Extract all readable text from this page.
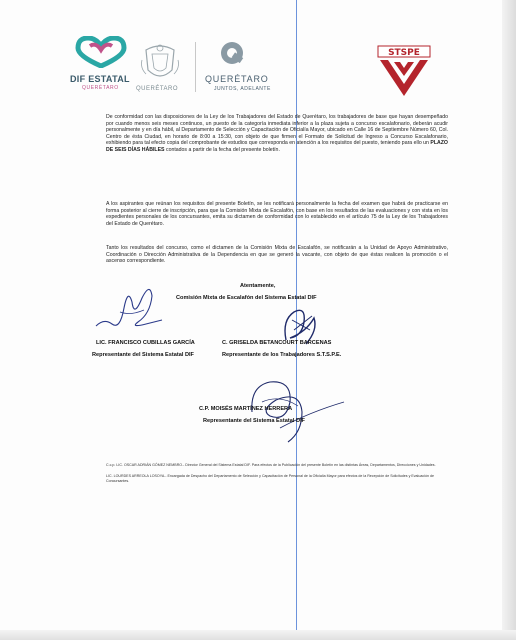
DIF ESTATAL
QUERÉTARO	QUERÉTARO
QUERÉTARO
JUNTOS, ADELANTE
STSPE
De conformidad con las disposiciones de la Ley de los Trabajadores del Estado de Querétaro, los trabajadores de base que hayan desempeñado por cuando menos seis meses continuos, un puesto de la categoría inmediata inferior a la plaza sujeta a concurso escalafonario, deberán acudir personalmente y en día hábil, al Departamento de Selección y Capacitación de Oficialía Mayor, ubicado en Calle 16 de Septiembre Número 60, Col. Centro de ésta Ciudad, en horario de 8:00 a 15:30, con objeto de que firmen el Formato de Solicitud de Ingreso a Concurso Escalafonario, exhibiendo para tal efecto copia del comprobante de estudios que corresponda en atención a los requisitos del puesto, teniendo para ello un PLAZO DE SEIS DÍAS HÁBILES contados a partir de la fecha del presente boletín.
A los aspirantes que reúnan los requisitos del presente Boletín, se les notificará personalmente la fecha del examen que habrá de practicarse en forma posterior al cierre de inscripción, para que la Comisión Mixta de Escalafón, con base en los resultados de las evaluaciones y con vista en los expedientes personales de los concursantes, emita su dictamen de conformidad con lo establecido en el artículo 75 de la Ley de los Trabajadores del Estado de Querétaro.
Tanto los resultados del concurso, como el dictamen de la Comisión Mixta de Escalafón, se notificarán a la Unidad de Apoyo Administrativo, Coordinación o Dirección Administrativa de la Dependencia en que se generó la vacante, con objeto de que éstas realicen la promoción o el ascenso correspondiente.
Atentamente,
Comisión Mixta de Escalafón del Sistema Estatal DIF
LIC. FRANCISCO CUBILLAS GARCÍA
Representante del Sistema Estatal DIF
C. GRISELDA BETANCOURT BARCENAS
Representante de los Trabajadores S.T.S.P.E.
C.P. MOISÉS MARTÍNEZ HERRERA
Representante del Sistema Estatal DIF
C.c.p. LIC. OSCAR ADRIÁN GÓMEZ NEMBRO.- Director General del Sistema Estatal DIF. Para efectos de la Publicación del presente Boletín en las distintas Áreas, Departamentos, Direcciones y Unidades.
LIC. LOURDES ARREOLA LOSOYA.- Encargada de Despacho del Departamento de Selección y Capacitación de Personal de la Oficialía Mayor para efectos de la Recepción de Solicitudes y Evaluación de Concursantes.
